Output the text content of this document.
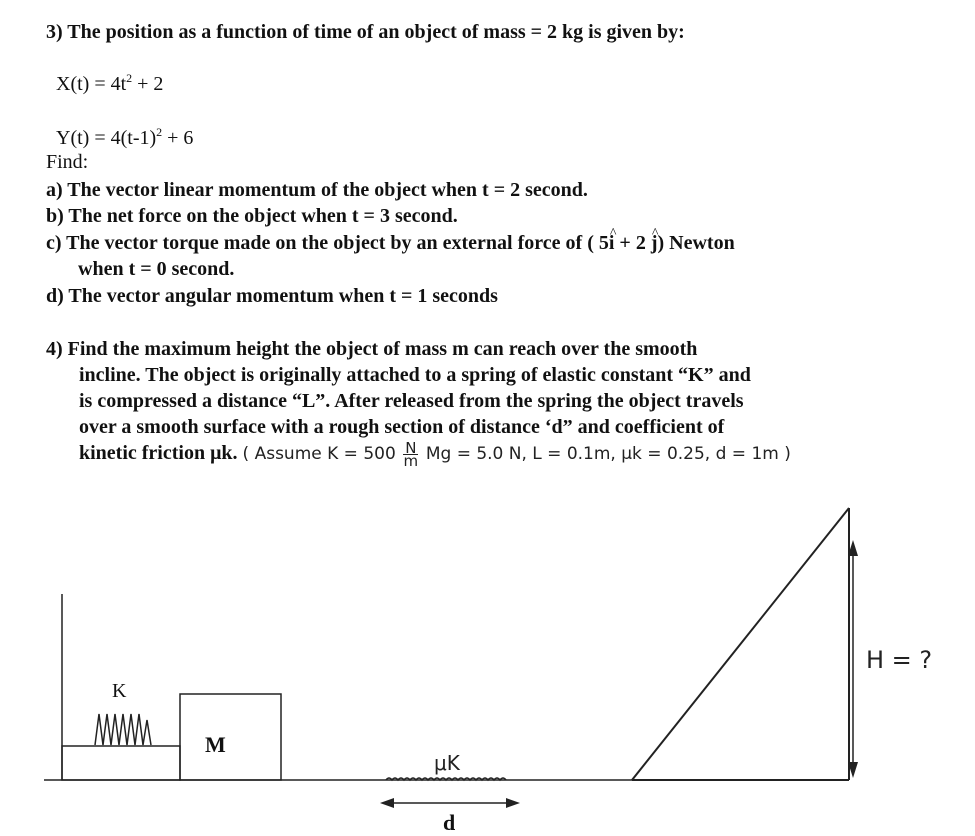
3) The position as a function of time of an object of mass = 2 kg is given by:
$X(t) = 4t^2 + 2$
$Y(t) = 4(t-1)^2 + 6$
Find:
a) The vector linear momentum of the object when t = 2 second.
b) The net force on the object when t = 3 second.
c) The vector torque made on the object by an external force of ( 5^ i + 2 ^ j) Newton
when t = 0 second.
d) The vector angular momentum when t = 1 seconds
4) Find the maximum height the object of mass m can reach over the smooth
incline. The object is originally attached to a spring of elastic constant “K” and
is compressed a distance “L”. After released from the spring the object travels
over a smooth surface with a rough section of distance ‘d” and coefficient of
kinetic friction μk. ( Assume $K = 500 \frac{N}{m}$ Mg = 5.0 N, L = 0.1m, μk = 0.25, d = 1m )
K
M
μK
d
H = ?
